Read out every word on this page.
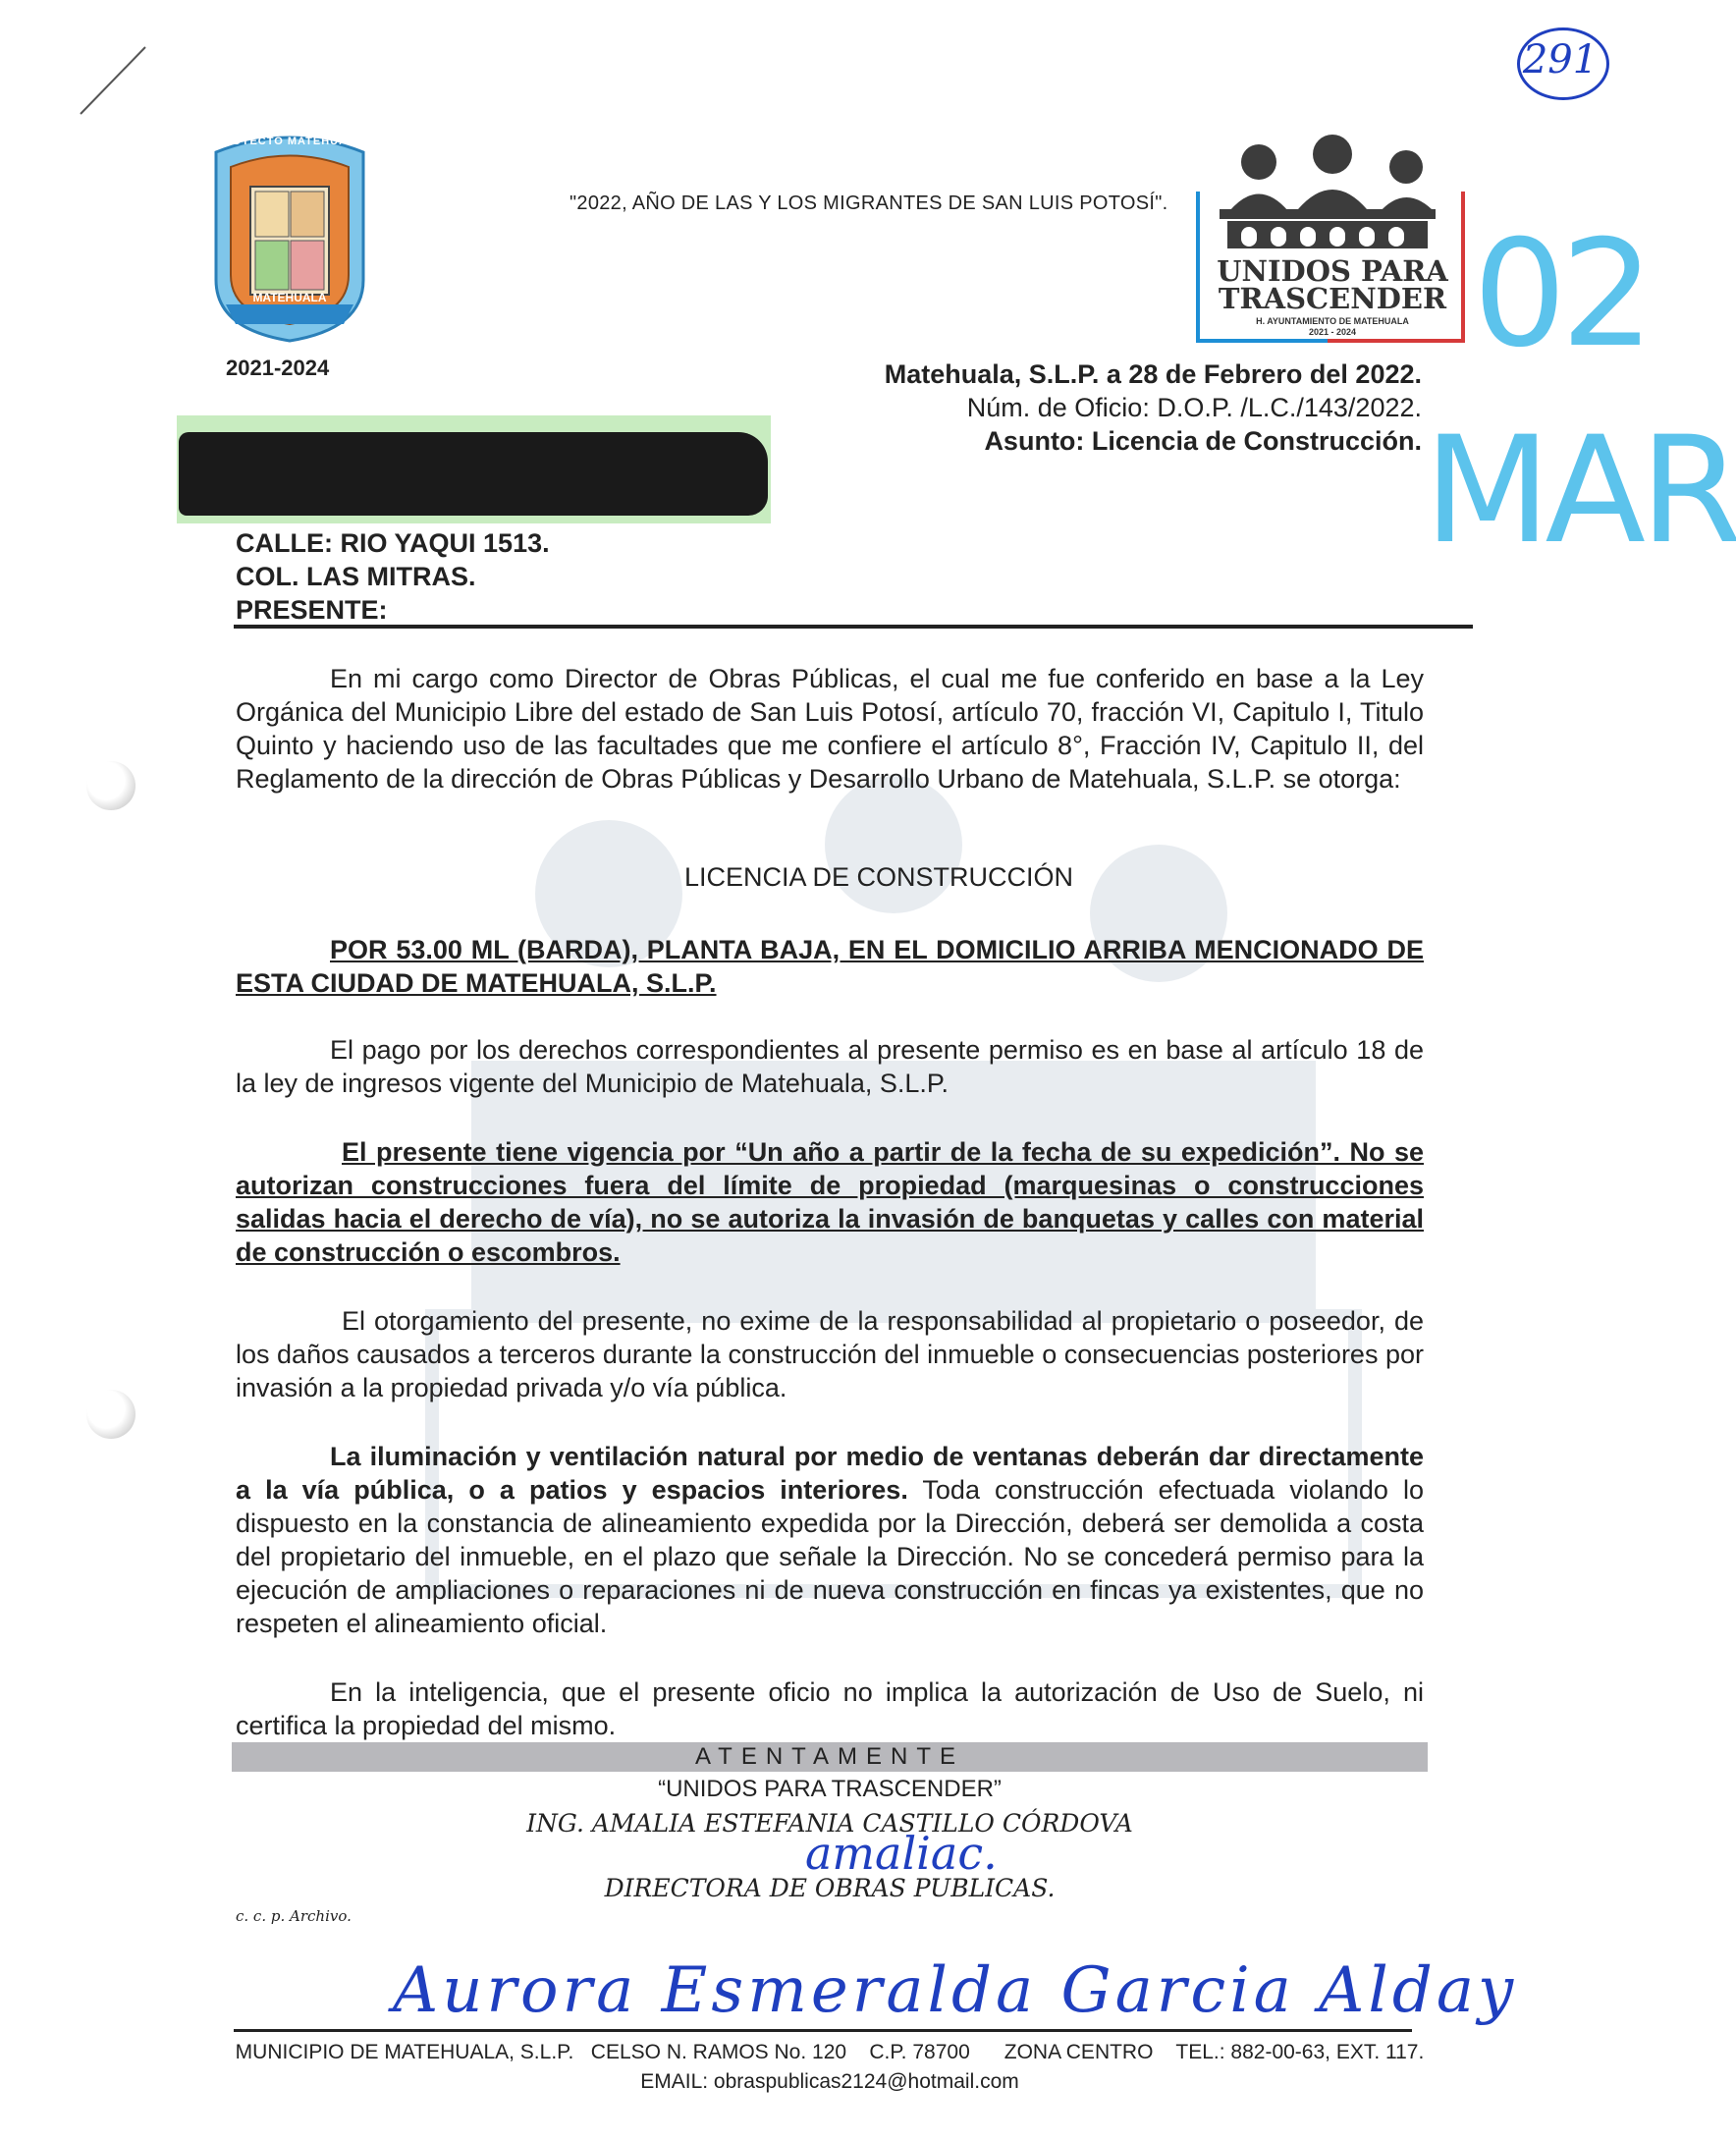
291
02
MAR
PROYECTO MATEHUALA
MATEHUALA
2021-2024
"2022, AÑO DE LAS Y LOS MIGRANTES DE SAN LUIS POTOSÍ".
UNIDOS PARA
TRASCENDER
H. AYUNTAMIENTO DE MATEHUALA
2021 - 2024
Matehuala, S.L.P. a 28 de Febrero del 2022.
Núm. de Oficio: D.O.P. /L.C./143/2022.
Asunto: Licencia de Construcción.
CALLE: RIO YAQUI 1513.
COL. LAS MITRAS.
PRESENTE:
En mi cargo como Director de Obras Públicas, el cual me fue conferido en base a la Ley Orgánica del Municipio Libre del estado de San Luis Potosí, artículo 70, fracción VI, Capitulo I, Titulo Quinto y haciendo uso de las facultades que me confiere el artículo 8°, Fracción IV, Capitulo II, del Reglamento de la dirección de Obras Públicas y Desarrollo Urbano de Matehuala, S.L.P. se otorga:
LICENCIA DE CONSTRUCCIÓN
POR 53.00 ML (BARDA), PLANTA BAJA, EN EL DOMICILIO ARRIBA MENCIONADO DE ESTA CIUDAD DE MATEHUALA, S.L.P.
El pago por los derechos correspondientes al presente permiso es en base al artículo 18 de la ley de ingresos vigente del Municipio de Matehuala, S.L.P.
El presente tiene vigencia por “Un año a partir de la fecha de su expedición”. No se autorizan construcciones fuera del límite de propiedad (marquesinas o construcciones salidas hacia el derecho de vía), no se autoriza la invasión de banquetas y calles con material de construcción o escombros.
El otorgamiento del presente, no exime de la responsabilidad al propietario o poseedor, de los daños causados a terceros durante la construcción del inmueble o consecuencias posteriores por invasión a la propiedad privada y/o vía pública.
La iluminación y ventilación natural por medio de ventanas deberán dar directamente a la vía pública, o a patios y espacios interiores. Toda construcción efectuada violando lo dispuesto en la constancia de alineamiento expedida por la Dirección, deberá ser demolida a costa del propietario del inmueble, en el plazo que señale la Dirección. No se concederá permiso para la ejecución de ampliaciones o reparaciones ni de nueva construcción en fincas ya existentes, que no respeten el alineamiento oficial.
En la inteligencia, que el presente oficio no implica la autorización de Uso de Suelo, ni certifica la propiedad del mismo.
ATENTAMENTE
“UNIDOS PARA TRASCENDER”
ING. AMALIA ESTEFANIA CASTILLO CÓRDOVA
amaliac.
DIRECTORA DE OBRAS PUBLICAS.
c. c. p. Archivo.
Aurora Esmeralda Garcia Alday
MUNICIPIO DE MATEHUALA, S.L.P.   CELSO N. RAMOS No. 120    C.P. 78700      ZONA CENTRO    TEL.: 882-00-63, EXT. 117.
EMAIL: obraspublicas2124@hotmail.com
